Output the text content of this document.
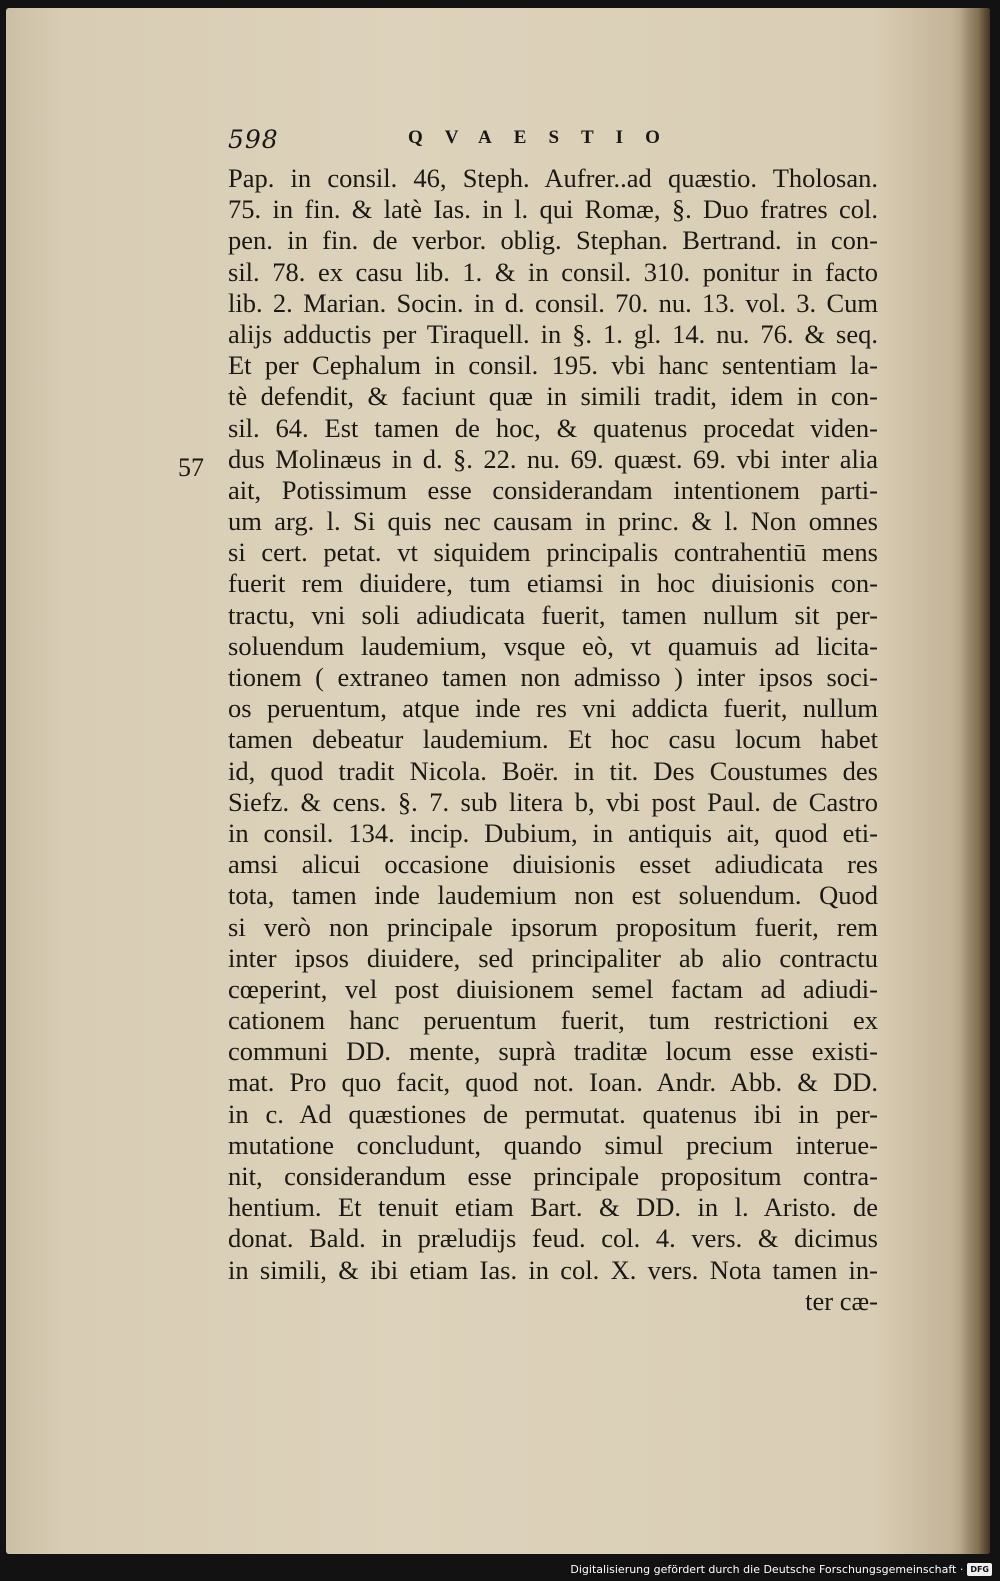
598	QVAESTIO
57
Pap. in consil. 46, Steph. Aufrer..ad quæstio. Tholosan.
75. in fin. & latè Ias. in l. qui Romæ, §. Duo fratres col.
pen. in fin. de verbor. oblig. Stephan. Bertrand. in con-
sil. 78. ex casu lib. 1. & in consil. 310. ponitur in facto
lib. 2. Marian. Socin. in d. consil. 70. nu. 13. vol. 3. Cum
alijs adductis per Tiraquell. in §. 1. gl. 14. nu. 76. & seq.
Et per Cephalum in consil. 195. vbi hanc sententiam la-
tè defendit, & faciunt quæ in simili tradit, idem in con-
sil. 64. Est tamen de hoc, & quatenus procedat viden-
dus Molinæus in d. §. 22. nu. 69. quæst. 69. vbi inter alia
ait, Potissimum esse considerandam intentionem parti-
um arg. l. Si quis nec causam in princ. & l. Non omnes
si cert. petat. vt siquidem principalis contrahentiū mens
fuerit rem diuidere, tum etiamsi in hoc diuisionis con-
tractu, vni soli adiudicata fuerit, tamen nullum sit per-
soluendum laudemium, vsque eò, vt quamuis ad licita-
tionem ( extraneo tamen non admisso ) inter ipsos soci-
os peruentum, atque inde res vni addicta fuerit, nullum
tamen debeatur laudemium. Et hoc casu locum habet
id, quod tradit Nicola. Boër. in tit. Des Coustumes des
Siefz. & cens. §. 7. sub litera b, vbi post Paul. de Castro
in consil. 134. incip. Dubium, in antiquis ait, quod eti-
amsi alicui occasione diuisionis esset adiudicata res
tota, tamen inde laudemium non est soluendum. Quod
si verò non principale ipsorum propositum fuerit, rem
inter ipsos diuidere, sed principaliter ab alio contractu
cœperint, vel post diuisionem semel factam ad adiudi-
cationem hanc peruentum fuerit, tum restrictioni ex
communi DD. mente, suprà traditæ locum esse existi-
mat. Pro quo facit, quod not. Ioan. Andr. Abb. & DD.
in c. Ad quæstiones de permutat. quatenus ibi in per-
mutatione concludunt, quando simul precium interue-
nit, considerandum esse principale propositum contra-
hentium. Et tenuit etiam Bart. & DD. in l. Aristo. de
donat. Bald. in præludijs feud. col. 4. vers. & dicimus
in simili, & ibi etiam Ias. in col. X. vers. Nota tamen in-
ter cæ-
Digitalisierung gefördert durch die Deutsche Forschungsgemeinschaft · DFG
